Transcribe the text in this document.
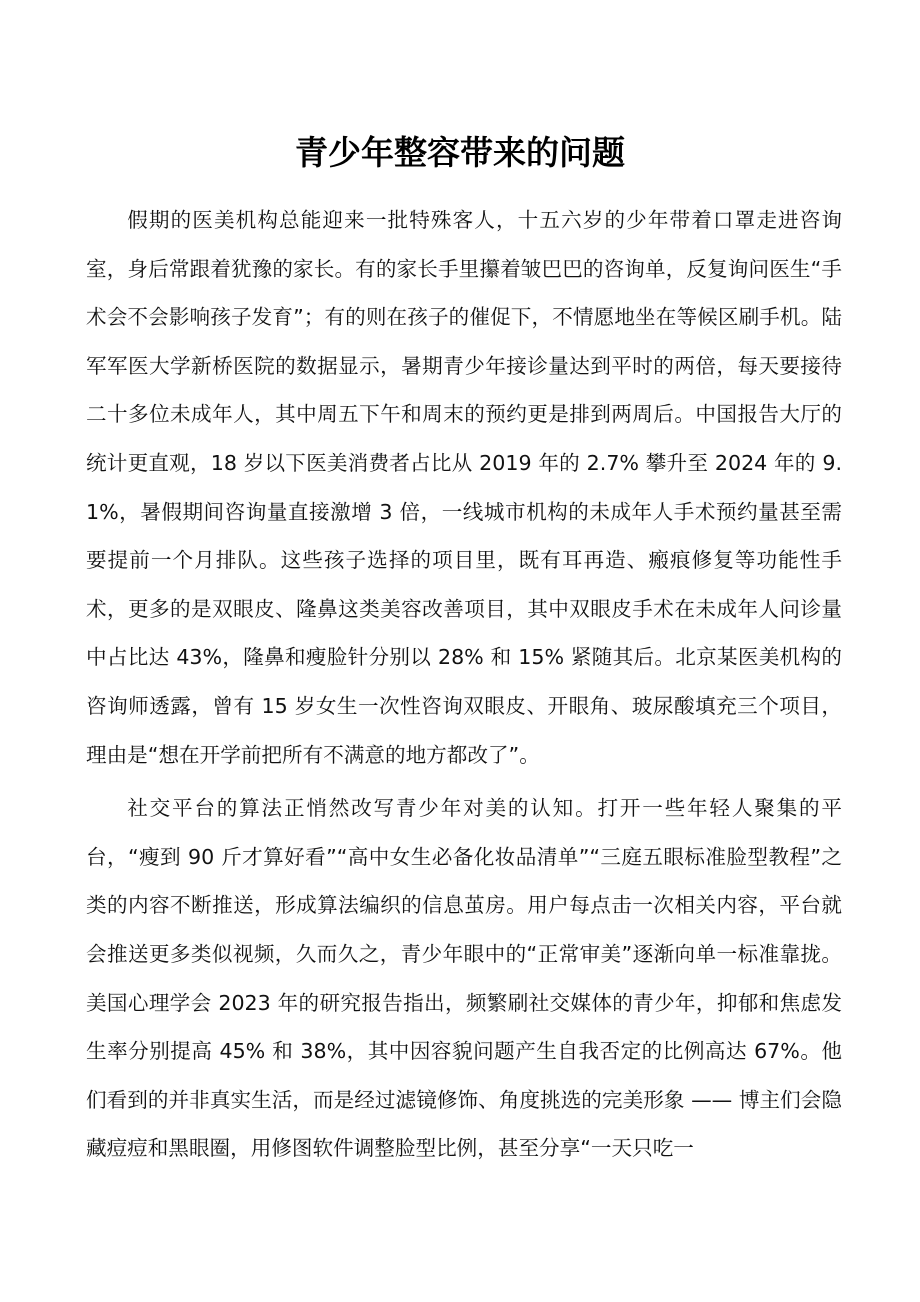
青少年整容带来的问题

假期的医美机构总能迎来一批特殊客人，十五六岁的少年带着口罩走进咨询室，身后常跟着犹豫的家长。有的家长手里攥着皱巴巴的咨询单，反复询问医生“手术会不会影响孩子发育”；有的则在孩子的催促下，不情愿地坐在等候区刷手机。陆军军医大学新桥医院的数据显示，暑期青少年接诊量达到平时的两倍，每天要接待二十多位未成年人，其中周五下午和周末的预约更是排到两周后。中国报告大厅的统计更直观，18 岁以下医美消费者占比从 2019 年的 2.7% 攀升至 2024 年的 9.1%，暑假期间咨询量直接激增 3 倍，一线城市机构的未成年人手术预约量甚至需要提前一个月排队。这些孩子选择的项目里，既有耳再造、瘢痕修复等功能性手术，更多的是双眼皮、隆鼻这类美容改善项目，其中双眼皮手术在未成年人问诊量中占比达 43%，隆鼻和瘦脸针分别以 28% 和 15% 紧随其后。北京某医美机构的咨询师透露，曾有 15 岁女生一次性咨询双眼皮、开眼角、玻尿酸填充三个项目，理由是“想在开学前把所有不满意的地方都改了”。

社交平台的算法正悄然改写青少年对美的认知。打开一些年轻人聚集的平台，“瘦到 90 斤才算好看”“高中女生必备化妆品清单”“三庭五眼标准脸型教程”之类的内容不断推送，形成算法编织的信息茧房。用户每点击一次相关内容，平台就会推送更多类似视频，久而久之，青少年眼中的“正常审美”逐渐向单一标准靠拢。美国心理学会 2023 年的研究报告指出，频繁刷社交媒体的青少年，抑郁和焦虑发生率分别提高 45% 和 38%，其中因容貌问题产生自我否定的比例高达 67%。他们看到的并非真实生活，而是经过滤镜修饰、角度挑选的完美形象 —— 博主们会隐藏痘痘和黑眼圈，用修图软件调整脸型比例，甚至分享“一天只吃一
